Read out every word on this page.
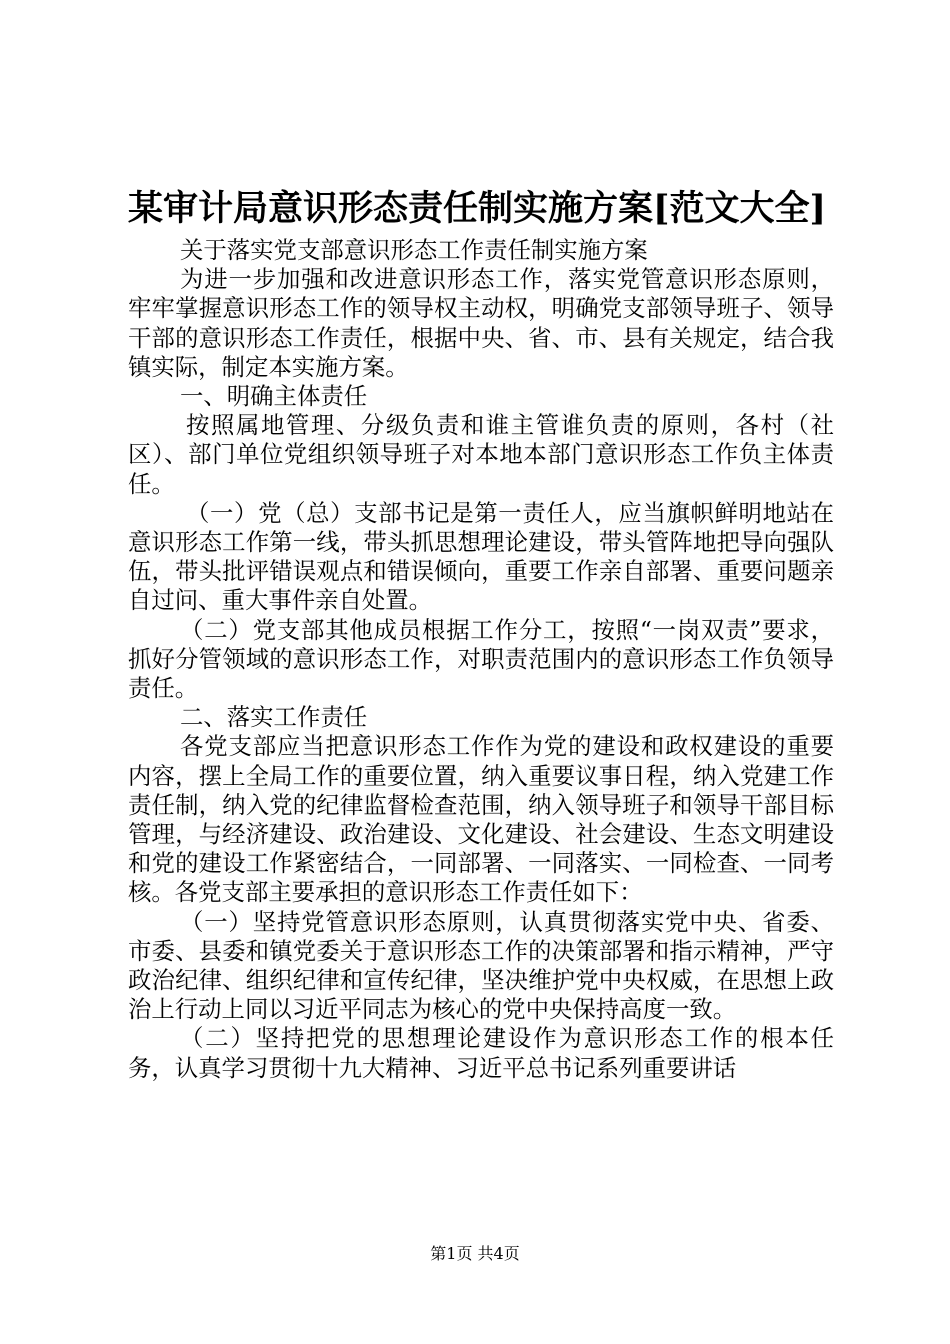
某审计局意识形态责任制实施方案[范文大全]

关于落实党支部意识形态工作责任制实施方案

为进一步加强和改进意识形态工作，落实党管意识形态原则，牢牢掌握意识形态工作的领导权主动权，明确党支部领导班子、领导干部的意识形态工作责任，根据中央、省、市、县有关规定，结合我镇实际，制定本实施方案。

一、明确主体责任

按照属地管理、分级负责和谁主管谁负责的原则，各村（社区）、部门单位党组织领导班子对本地本部门意识形态工作负主体责任。

（一）党（总）支部书记是第一责任人，应当旗帜鲜明地站在意识形态工作第一线，带头抓思想理论建设，带头管阵地把导向强队伍，带头批评错误观点和错误倾向，重要工作亲自部署、重要问题亲自过问、重大事件亲自处置。

（二）党支部其他成员根据工作分工，按照“一岗双责”要求，抓好分管领域的意识形态工作，对职责范围内的意识形态工作负领导责任。

二、落实工作责任

各党支部应当把意识形态工作作为党的建设和政权建设的重要内容，摆上全局工作的重要位置，纳入重要议事日程，纳入党建工作责任制，纳入党的纪律监督检查范围，纳入领导班子和领导干部目标管理，与经济建设、政治建设、文化建设、社会建设、生态文明建设和党的建设工作紧密结合，一同部署、一同落实、一同检查、一同考核。各党支部主要承担的意识形态工作责任如下：

（一）坚持党管意识形态原则，认真贯彻落实党中央、省委、市委、县委和镇党委关于意识形态工作的决策部署和指示精神，严守政治纪律、组织纪律和宣传纪律，坚决维护党中央权威，在思想上政治上行动上同以习近平同志为核心的党中央保持高度一致。

（二）坚持把党的思想理论建设作为意识形态工作的根本任务，认真学习贯彻十九大精神、习近平总书记系列重要讲话

第1页 共4页
